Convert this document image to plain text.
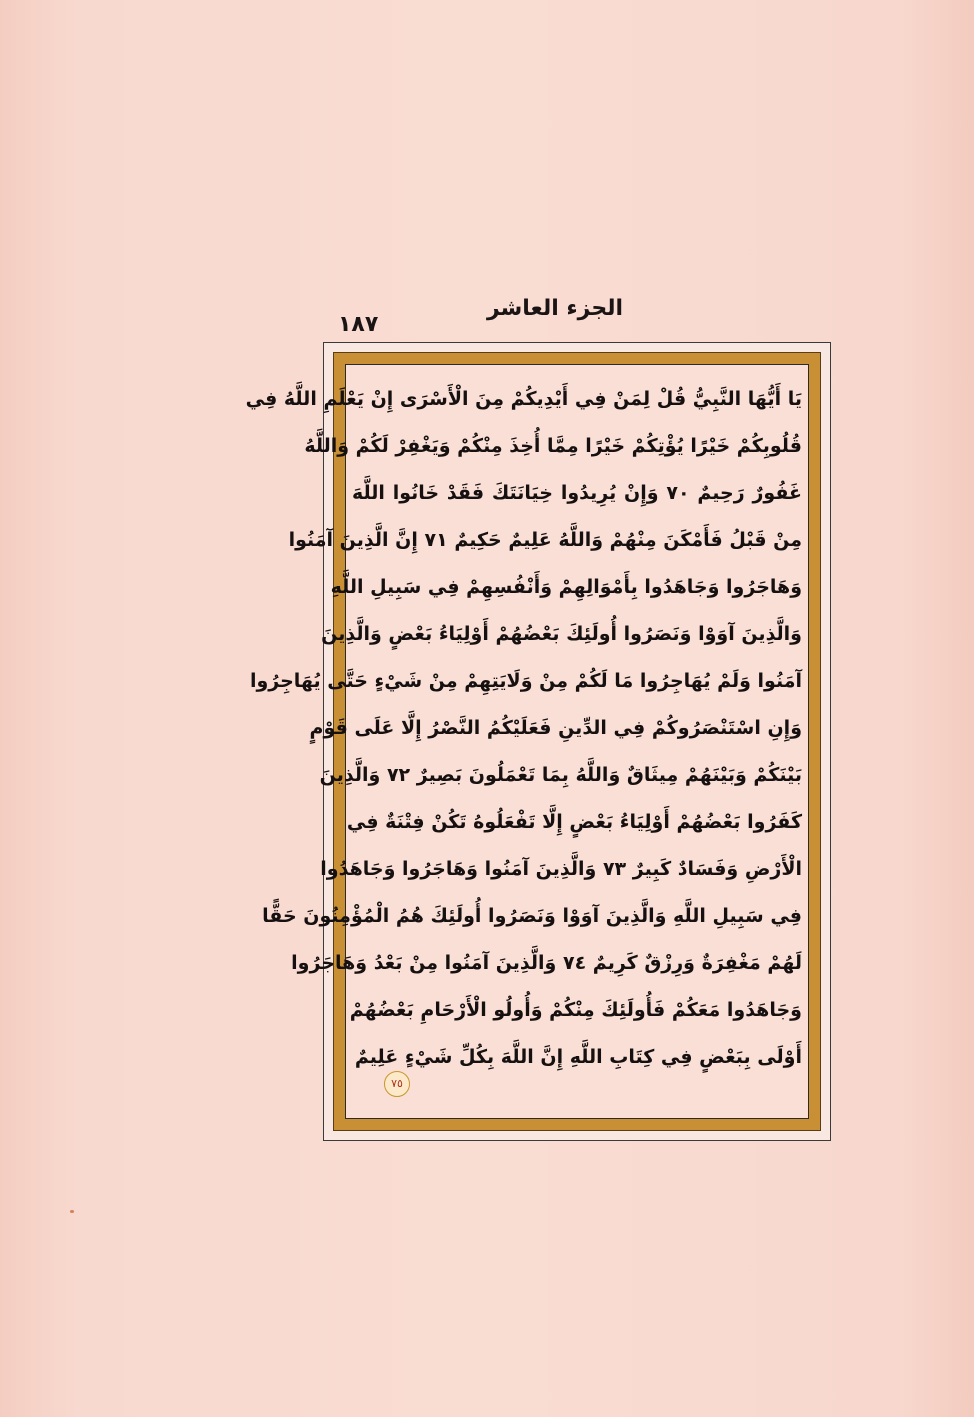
الجزء العاشر
١٨٧
يَا أَيُّهَا النَّبِيُّ قُلْ لِمَنْ فِي أَيْدِيكُمْ مِنَ الْأَسْرَى إِنْ يَعْلَمِ اللَّهُ فِي
قُلُوبِكُمْ خَيْرًا يُؤْتِكُمْ خَيْرًا مِمَّا أُخِذَ مِنْكُمْ وَيَغْفِرْ لَكُمْ وَاللَّهُ
غَفُورٌ رَحِيمٌ ٧٠ وَإِنْ يُرِيدُوا خِيَانَتَكَ فَقَدْ خَانُوا اللَّهَ
مِنْ قَبْلُ فَأَمْكَنَ مِنْهُمْ وَاللَّهُ عَلِيمٌ حَكِيمٌ ٧١ إِنَّ الَّذِينَ آمَنُوا
وَهَاجَرُوا وَجَاهَدُوا بِأَمْوَالِهِمْ وَأَنْفُسِهِمْ فِي سَبِيلِ اللَّهِ
وَالَّذِينَ آوَوْا وَنَصَرُوا أُولَئِكَ بَعْضُهُمْ أَوْلِيَاءُ بَعْضٍ وَالَّذِينَ
آمَنُوا وَلَمْ يُهَاجِرُوا مَا لَكُمْ مِنْ وَلَايَتِهِمْ مِنْ شَيْءٍ حَتَّى يُهَاجِرُوا
وَإِنِ اسْتَنْصَرُوكُمْ فِي الدِّينِ فَعَلَيْكُمُ النَّصْرُ إِلَّا عَلَى قَوْمٍ
بَيْنَكُمْ وَبَيْنَهُمْ مِيثَاقٌ وَاللَّهُ بِمَا تَعْمَلُونَ بَصِيرٌ ٧٢ وَالَّذِينَ
كَفَرُوا بَعْضُهُمْ أَوْلِيَاءُ بَعْضٍ إِلَّا تَفْعَلُوهُ تَكُنْ فِتْنَةٌ فِي
الْأَرْضِ وَفَسَادٌ كَبِيرٌ ٧٣ وَالَّذِينَ آمَنُوا وَهَاجَرُوا وَجَاهَدُوا
فِي سَبِيلِ اللَّهِ وَالَّذِينَ آوَوْا وَنَصَرُوا أُولَئِكَ هُمُ الْمُؤْمِنُونَ حَقًّا
لَهُمْ مَغْفِرَةٌ وَرِزْقٌ كَرِيمٌ ٧٤ وَالَّذِينَ آمَنُوا مِنْ بَعْدُ وَهَاجَرُوا
وَجَاهَدُوا مَعَكُمْ فَأُولَئِكَ مِنْكُمْ وَأُولُو الْأَرْحَامِ بَعْضُهُمْ
أَوْلَى بِبَعْضٍ فِي كِتَابِ اللَّهِ إِنَّ اللَّهَ بِكُلِّ شَيْءٍ عَلِيمٌ
٧٥
